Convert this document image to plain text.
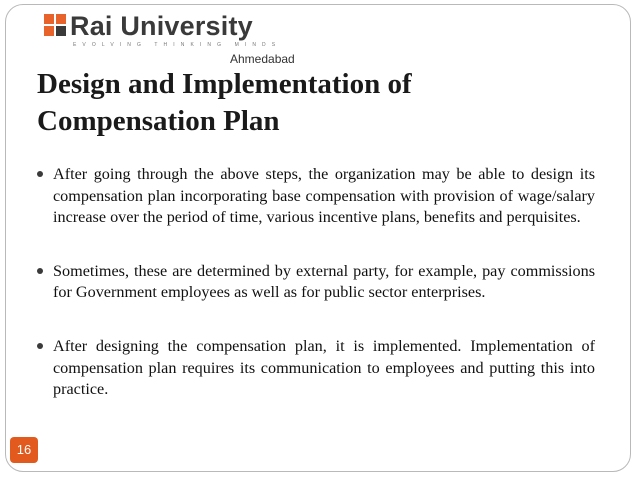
Rai University
EVOLVING THINKING MINDS
Ahmedabad
Design and Implementation of Compensation Plan
After going through the above steps, the organization may be able to design its compensation plan incorporating base compensation with provision of wage/salary increase over the period of time, various incentive plans, benefits and perquisites.
Sometimes, these are determined by external party, for example, pay commissions for Government employees as well as for public sector enterprises.
After designing the compensation plan, it is implemented. Implementation of compensation plan requires its communication to employees and putting this into practice.
16
